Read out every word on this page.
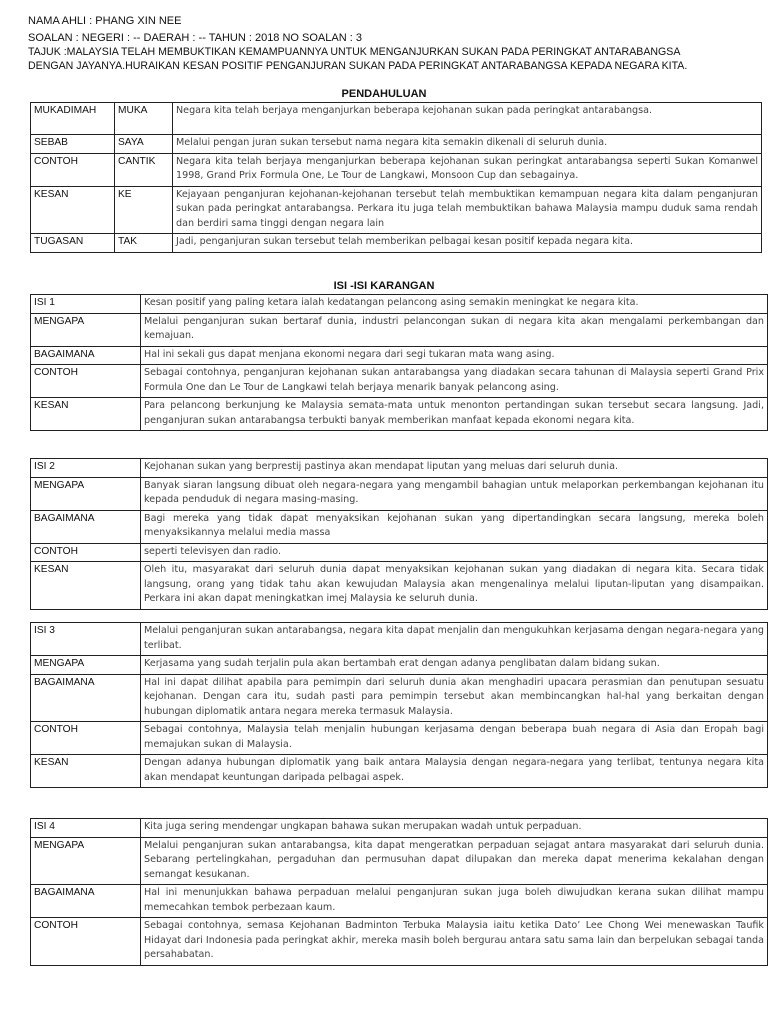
NAMA AHLI : PHANG XIN NEE
SOALAN : NEGERI : -- DAERAH : -- TAHUN : 2018 NO SOALAN : 3
TAJUK :MALAYSIA TELAH MEMBUKTIKAN KEMAMPUANNYA UNTUK MENGANJURKAN SUKAN PADA PERINGKAT ANTARABANGSA
DENGAN JAYANYA.HURAIKAN KESAN POSITIF PENGANJURAN SUKAN PADA PERINGKAT ANTARABANGSA KEPADA NEGARA KITA.
PENDAHULUAN
MUKADIMAH	MUKA	Negara kita telah berjaya menganjurkan beberapa kejohanan sukan pada peringkat antarabangsa.
SEBAB	SAYA	Melalui pengan juran sukan tersebut nama negara kita semakin dikenali di seluruh dunia.
CONTOH	CANTIK	Negara kita telah berjaya menganjurkan beberapa kejohanan sukan peringkat antarabangsa seperti Sukan Komanwel 1998, Grand Prix Formula One, Le Tour de Langkawi, Monsoon Cup dan sebagainya.
KESAN	KE	Kejayaan penganjuran kejohanan-kejohanan tersebut telah membuktikan kemampuan negara kita dalam penganjuran sukan pada peringkat antarabangsa. Perkara itu juga telah membuktikan bahawa Malaysia mampu duduk sama rendah dan berdiri sama tinggi dengan negara lain
TUGASAN	TAK	Jadi, penganjuran sukan tersebut telah memberikan pelbagai kesan positif kepada negara kita.
ISI -ISI KARANGAN
ISI 1	Kesan positif yang paling ketara ialah kedatangan pelancong asing semakin meningkat ke negara kita.
MENGAPA	Melalui penganjuran sukan bertaraf dunia, industri pelancongan sukan di negara kita akan mengalami perkembangan dan kemajuan.
BAGAIMANA	Hal ini sekali gus dapat menjana ekonomi negara dari segi tukaran mata wang asing.
CONTOH	Sebagai contohnya, penganjuran kejohanan sukan antarabangsa yang diadakan secara tahunan di Malaysia seperti Grand Prix Formula One dan Le Tour de Langkawi telah berjaya menarik banyak pelancong asing.
KESAN	Para pelancong berkunjung ke Malaysia semata-mata untuk menonton pertandingan sukan tersebut secara langsung. Jadi, penganjuran sukan antarabangsa terbukti banyak memberikan manfaat kepada ekonomi negara kita.
ISI 2	Kejohanan sukan yang berprestij pastinya akan mendapat liputan yang meluas dari seluruh dunia.
MENGAPA	Banyak siaran langsung dibuat oleh negara-negara yang mengambil bahagian untuk melaporkan perkembangan kejohanan itu kepada penduduk di negara masing-masing.
BAGAIMANA	Bagi mereka yang tidak dapat menyaksikan kejohanan sukan yang dipertandingkan secara langsung, mereka boleh menyaksikannya melalui media massa
CONTOH	seperti televisyen dan radio.
KESAN	Oleh itu, masyarakat dari seluruh dunia dapat menyaksikan kejohanan sukan yang diadakan di negara kita. Secara tidak langsung, orang yang tidak tahu akan kewujudan Malaysia akan mengenalinya melalui liputan-liputan yang disampaikan. Perkara ini akan dapat meningkatkan imej Malaysia ke seluruh dunia.
ISI 3	Melalui penganjuran sukan antarabangsa, negara kita dapat menjalin dan mengukuhkan kerjasama dengan negara-negara yang terlibat.
MENGAPA	Kerjasama yang sudah terjalin pula akan bertambah erat dengan adanya penglibatan dalam bidang sukan.
BAGAIMANA	Hal ini dapat dilihat apabila para pemimpin dari seluruh dunia akan menghadiri upacara perasmian dan penutupan sesuatu kejohanan. Dengan cara itu, sudah pasti para pemimpin tersebut akan membincangkan hal-hal yang berkaitan dengan hubungan diplomatik antara negara mereka termasuk Malaysia.
CONTOH	Sebagai contohnya, Malaysia telah menjalin hubungan kerjasama dengan beberapa buah negara di Asia dan Eropah bagi memajukan sukan di Malaysia.
KESAN	Dengan adanya hubungan diplomatik yang baik antara Malaysia dengan negara-negara yang terlibat, tentunya negara kita akan mendapat keuntungan daripada pelbagai aspek.
ISI 4	Kita juga sering mendengar ungkapan bahawa sukan merupakan wadah untuk perpaduan.
MENGAPA	Melalui penganjuran sukan antarabangsa, kita dapat mengeratkan perpaduan sejagat antara masyarakat dari seluruh dunia. Sebarang pertelingkahan, pergaduhan dan permusuhan dapat dilupakan dan mereka dapat menerima kekalahan dengan semangat kesukanan.
BAGAIMANA	Hal ini menunjukkan bahawa perpaduan melalui penganjuran sukan juga boleh diwujudkan kerana sukan dilihat mampu memecahkan tembok perbezaan kaum.
CONTOH	Sebagai contohnya, semasa Kejohanan Badminton Terbuka Malaysia iaitu ketika Dato’ Lee Chong Wei menewaskan Taufik Hidayat dari Indonesia pada peringkat akhir, mereka masih boleh bergurau antara satu sama lain dan berpelukan sebagai tanda persahabatan.
